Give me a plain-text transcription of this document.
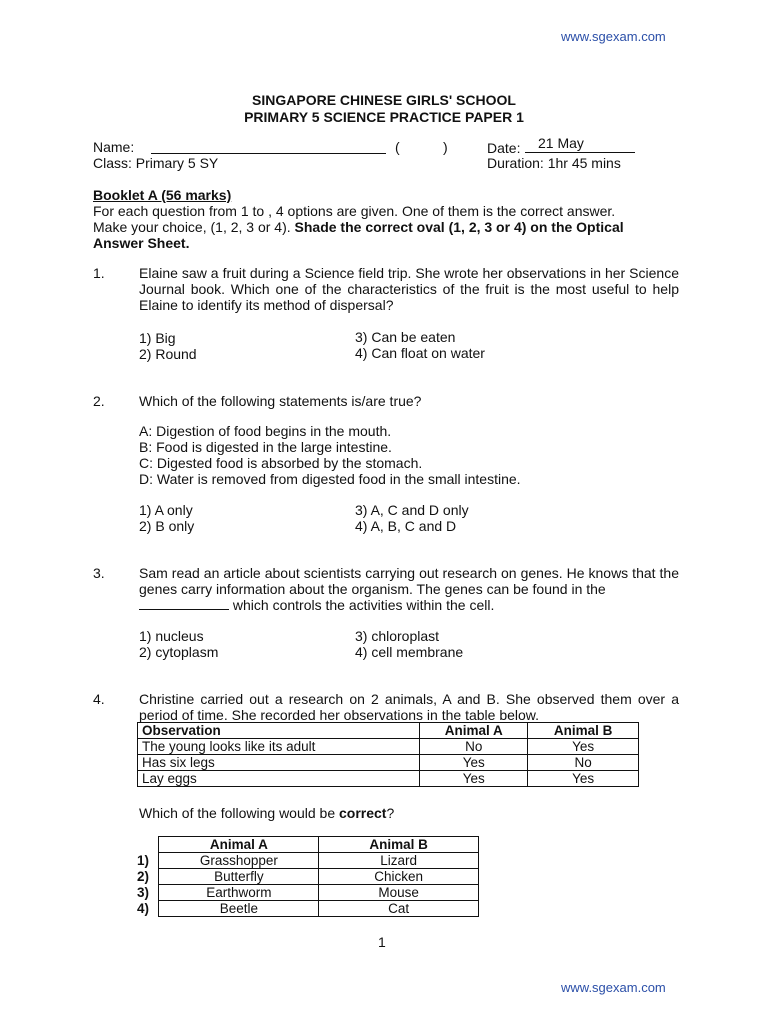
www.sgexam.com
SINGAPORE CHINESE GIRLS' SCHOOL
PRIMARY 5 SCIENCE PRACTICE PAPER 1
Name:	(	)	Date: 21 May
Class: Primary 5 SY	Duration: 1hr 45 mins
Booklet A (56 marks)
For each question from 1 to , 4 options are given. One of them is the correct answer.
Make your choice, (1, 2, 3 or 4). Shade the correct oval (1, 2, 3 or 4) on the Optical
Answer Sheet.
1. Elaine saw a fruit during a Science field trip. She wrote her observations in her Science Journal book. Which one of the characteristics of the fruit is the most useful to help Elaine to identify its method of dispersal?
1) Big
2) Round
3) Can be eaten
4) Can float on water
2. Which of the following statements is/are true?
A: Digestion of food begins in the mouth.
B: Food is digested in the large intestine.
C: Digested food is absorbed by the stomach.
D: Water is removed from digested food in the small intestine.
1) A only
2) B only
3) A, C and D only
4) A, B, C and D
3. Sam read an article about scientists carrying out research on genes. He knows that the genes carry information about the organism. The genes can be found in the
which controls the activities within the cell.
1) nucleus
2) cytoplasm
3) chloroplast
4) cell membrane
4. Christine carried out a research on 2 animals, A and B. She observed them over a period of time. She recorded her observations in the table below.
Observation	Animal A	Animal B
The young looks like its adult	No	Yes
Has six legs	Yes	No
Lay eggs	Yes	Yes
Which of the following would be correct?
	Animal A	Animal B
1)	Grasshopper	Lizard
2)	Butterfly	Chicken
3)	Earthworm	Mouse
4)	Beetle	Cat
1
www.sgexam.com
